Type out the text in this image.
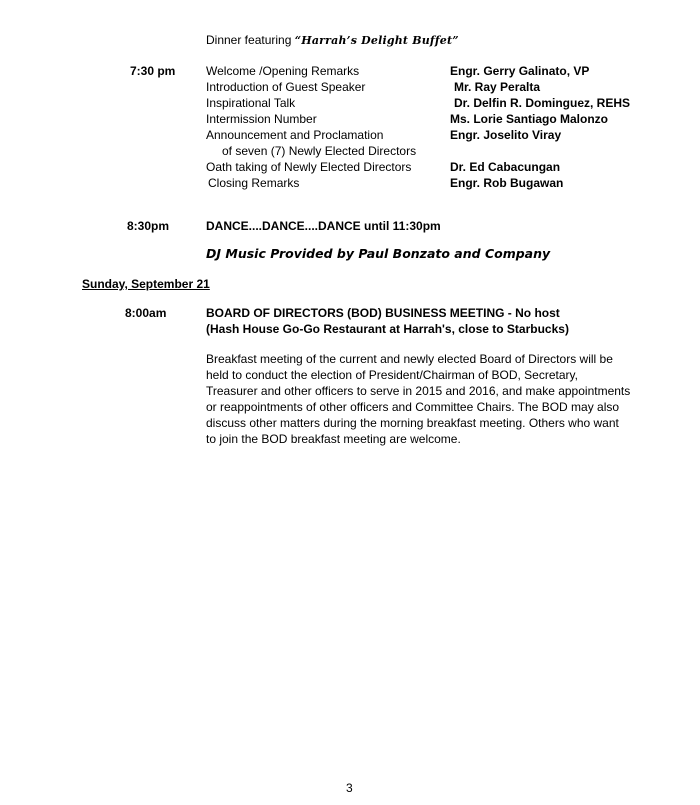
Dinner featuring “Harrah’s Delight Buffet”
7:30 pm	Welcome /Opening Remarks	Engr. Gerry Galinato, VP
Introduction of Guest Speaker	Mr. Ray Peralta
Inspirational Talk	Dr. Delfin R. Dominguez, REHS
Intermission Number	Ms. Lorie Santiago Malonzo
Announcement and Proclamation	Engr. Joselito Viray
of seven (7) Newly Elected Directors
Oath taking of Newly Elected Directors	Dr. Ed Cabacungan
Closing Remarks	Engr. Rob Bugawan
8:30pm	DANCE....DANCE....DANCE until 11:30pm
DJ Music Provided by Paul Bonzato and Company
Sunday, September 21
8:00am	BOARD OF DIRECTORS (BOD) BUSINESS MEETING - No host
(Hash House Go-Go Restaurant at Harrah's, close to Starbucks)
Breakfast meeting of the current and newly elected Board of Directors will be
held to conduct the election of President/Chairman of BOD, Secretary,
Treasurer and other officers to serve in 2015 and 2016, and make appointments
or reappointments of other officers and Committee Chairs. The BOD may also
discuss other matters during the morning breakfast meeting. Others who want
to join the BOD breakfast meeting are welcome.
3
